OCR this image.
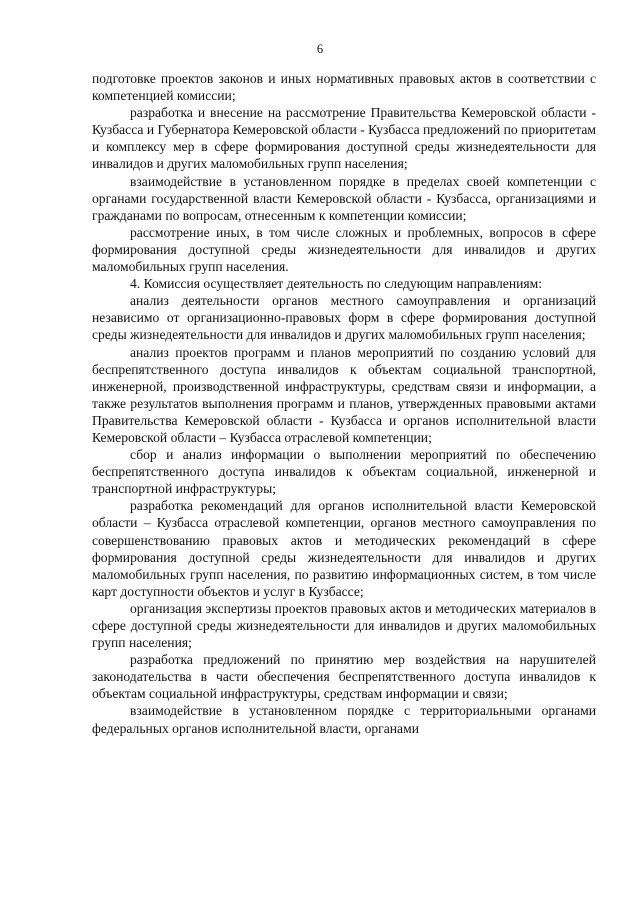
6

подготовке проектов законов и иных нормативных правовых актов в соответствии с компетенцией комиссии;

разработка и внесение на рассмотрение Правительства Кемеровской области - Кузбасса и Губернатора Кемеровской области - Кузбасса предложений по приоритетам и комплексу мер в сфере формирования доступной среды жизнедеятельности для инвалидов и других маломобильных групп населения;

взаимодействие в установленном порядке в пределах своей компетенции с органами государственной власти Кемеровской области - Кузбасса, организациями и гражданами по вопросам, отнесенным к компетенции комиссии;

рассмотрение иных, в том числе сложных и проблемных, вопросов в сфере формирования доступной среды жизнедеятельности для инвалидов и других маломобильных групп населения.

4. Комиссия осуществляет деятельность по следующим направлениям:

анализ деятельности органов местного самоуправления и организаций независимо от организационно-правовых форм в сфере формирования доступной среды жизнедеятельности для инвалидов и других маломобильных групп населения;

анализ проектов программ и планов мероприятий по созданию условий для беспрепятственного доступа инвалидов к объектам социальной транспортной, инженерной, производственной инфраструктуры, средствам связи и информации, а также результатов выполнения программ и планов, утвержденных правовыми актами Правительства Кемеровской области - Кузбасса и органов исполнительной власти Кемеровской области – Кузбасса отраслевой компетенции;

сбор и анализ информации о выполнении мероприятий по обеспечению беспрепятственного доступа инвалидов к объектам социальной, инженерной и транспортной инфраструктуры;

разработка рекомендаций для органов исполнительной власти Кемеровской области – Кузбасса отраслевой компетенции, органов местного самоуправления по совершенствованию правовых актов и методических рекомендаций в сфере формирования доступной среды жизнедеятельности для инвалидов и других маломобильных групп населения, по развитию информационных систем, в том числе карт доступности объектов и услуг в Кузбассе;

организация экспертизы проектов правовых актов и методических материалов в сфере доступной среды жизнедеятельности для инвалидов и других маломобильных групп населения;

разработка предложений по принятию мер воздействия на нарушителей законодательства в части обеспечения беспрепятственного доступа инвалидов к объектам социальной инфраструктуры, средствам информации и связи;

взаимодействие в установленном порядке с территориальными органами федеральных органов исполнительной власти, органами
